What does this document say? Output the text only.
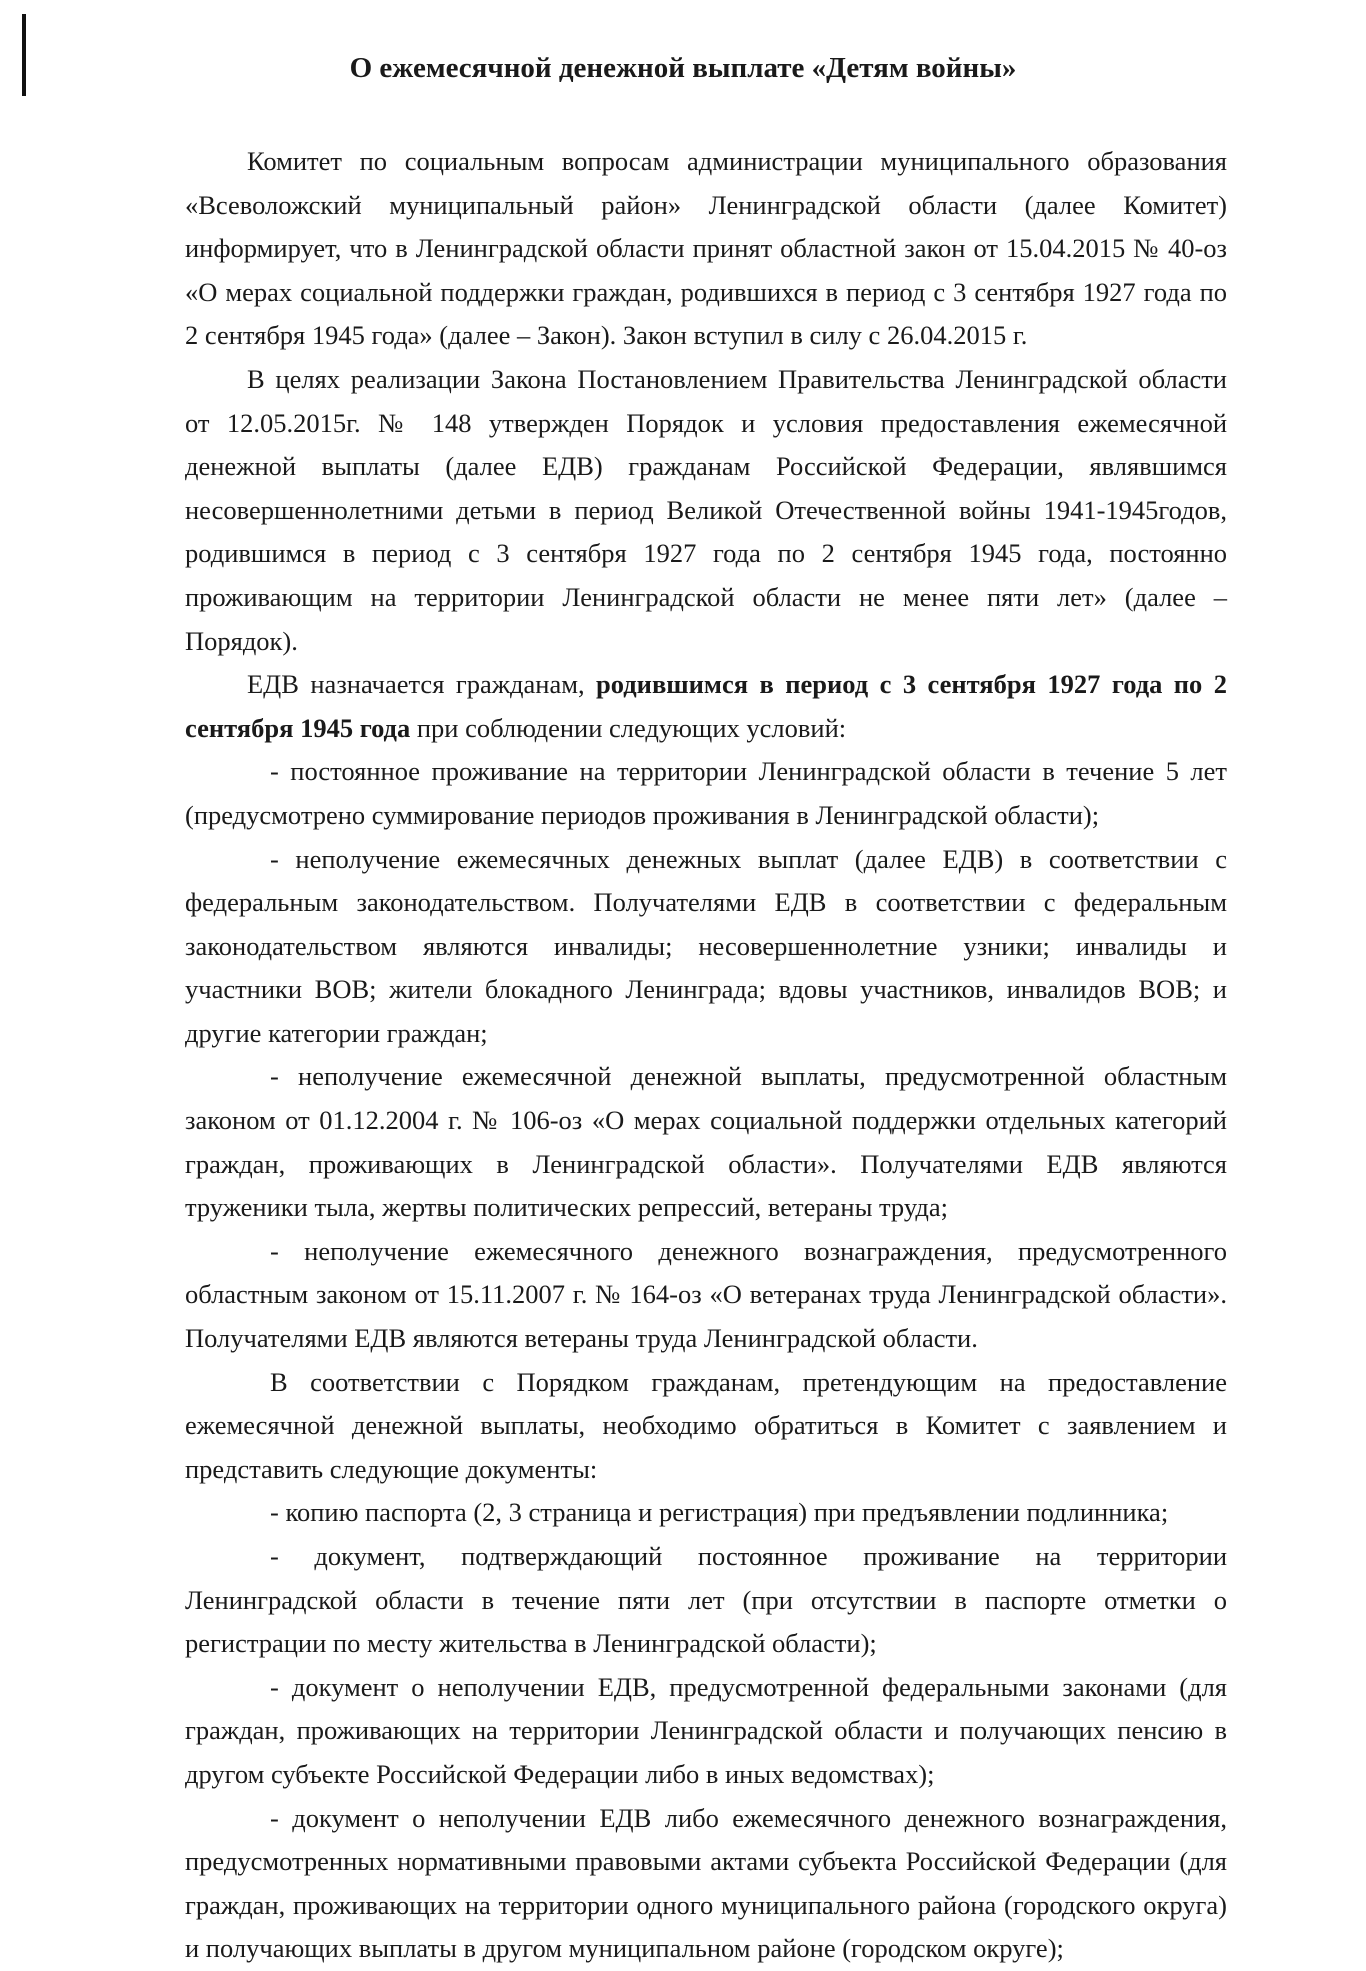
О ежемесячной денежной выплате «Детям войны»

Комитет по социальным вопросам администрации муниципального образования «Всеволожский муниципальный район» Ленинградской области (далее Комитет) информирует, что в Ленинградской области принят областной закон от 15.04.2015 № 40-оз «О мерах социальной поддержки граждан, родившихся в период с 3 сентября 1927 года по 2 сентября 1945 года» (далее – Закон). Закон вступил в силу с 26.04.2015 г.

В целях реализации Закона Постановлением Правительства Ленинградской области от 12.05.2015г. № 148 утвержден Порядок и условия предоставления ежемесячной денежной выплаты (далее ЕДВ) гражданам Российской Федерации, являвшимся несовершеннолетними детьми в период Великой Отечественной войны 1941-1945годов, родившимся в период с 3 сентября 1927 года по 2 сентября 1945 года, постоянно проживающим на территории Ленинградской области не менее пяти лет» (далее – Порядок).

ЕДВ назначается гражданам, родившимся в период с 3 сентября 1927 года по 2 сентября 1945 года при соблюдении следующих условий:

- постоянное проживание на территории Ленинградской области в течение 5 лет (предусмотрено суммирование периодов проживания в Ленинградской области);

- неполучение ежемесячных денежных выплат (далее ЕДВ) в соответствии с федеральным законодательством. Получателями ЕДВ в соответствии с федеральным законодательством являются инвалиды; несовершеннолетние узники; инвалиды и участники ВОВ; жители блокадного Ленинграда; вдовы участников, инвалидов ВОВ; и другие категории граждан;

- неполучение ежемесячной денежной выплаты, предусмотренной областным законом от 01.12.2004 г. № 106-оз «О мерах социальной поддержки отдельных категорий граждан, проживающих в Ленинградской области». Получателями ЕДВ являются труженики тыла, жертвы политических репрессий, ветераны труда;

- неполучение ежемесячного денежного вознаграждения, предусмотренного областным законом от 15.11.2007 г. № 164-оз «О ветеранах труда Ленинградской области». Получателями ЕДВ являются ветераны труда Ленинградской области.

В соответствии с Порядком гражданам, претендующим на предоставление ежемесячной денежной выплаты, необходимо обратиться в Комитет с заявлением и представить следующие документы:

- копию паспорта (2, 3 страница и регистрация) при предъявлении подлинника;

- документ, подтверждающий постоянное проживание на территории Ленинградской области в течение пяти лет (при отсутствии в паспорте отметки о регистрации по месту жительства в Ленинградской области);

- документ о неполучении ЕДВ, предусмотренной федеральными законами (для граждан, проживающих на территории Ленинградской области и получающих пенсию в другом субъекте Российской Федерации либо в иных ведомствах);

- документ о неполучении ЕДВ либо ежемесячного денежного вознаграждения, предусмотренных нормативными правовыми актами субъекта Российской Федерации (для граждан, проживающих на территории одного муниципального района (городского округа) и получающих выплаты в другом муниципальном районе (городском округе);
